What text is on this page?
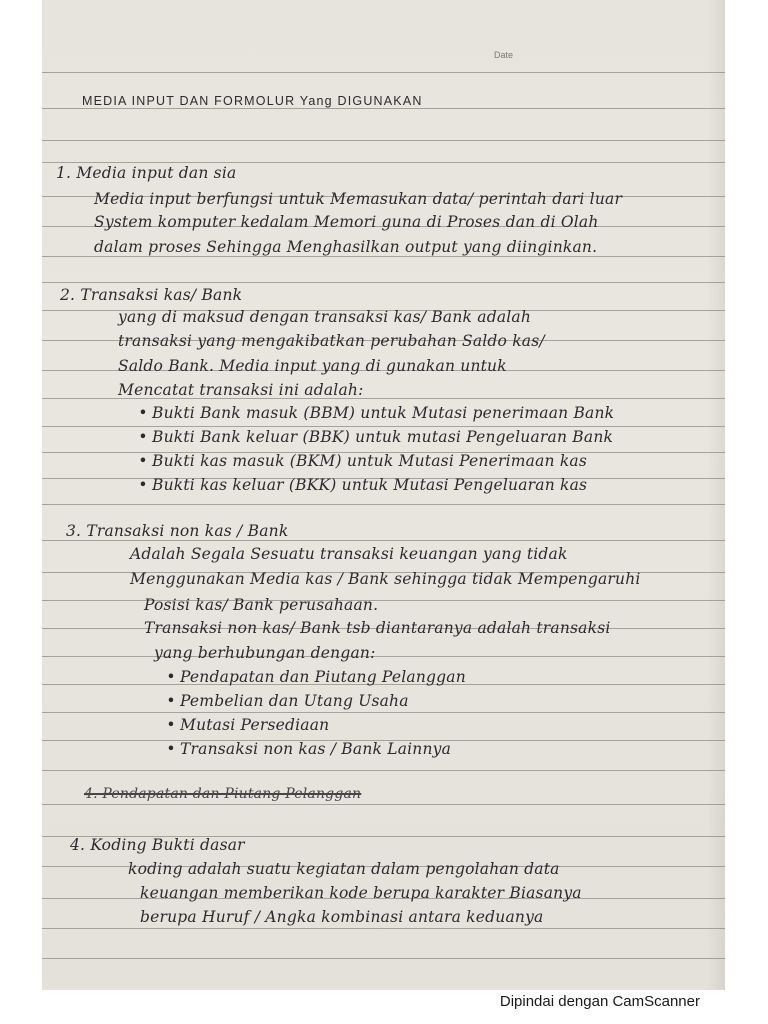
Date
MEDIA INPUT DAN FORMOLUR Yang DIGUNAKAN
1. Media input dan sia
Media input berfungsi untuk Memasukan data/ perintah dari luar
System komputer kedalam Memori guna di Proses dan di Olah
dalam proses Sehingga Menghasilkan output yang diinginkan.
2. Transaksi kas/ Bank
yang di maksud dengan transaksi kas/ Bank adalah
transaksi yang mengakibatkan perubahan Saldo kas/
Saldo Bank. Media input yang di gunakan untuk
Mencatat transaksi ini adalah:
• Bukti Bank masuk (BBM) untuk Mutasi penerimaan Bank
• Bukti Bank keluar (BBK) untuk mutasi Pengeluaran Bank
• Bukti kas masuk (BKM) untuk Mutasi Penerimaan kas
• Bukti kas keluar (BKK) untuk Mutasi Pengeluaran kas
3. Transaksi non kas / Bank
Adalah Segala Sesuatu transaksi keuangan yang tidak
Menggunakan Media kas / Bank sehingga tidak Mempengaruhi
Posisi kas/ Bank perusahaan.
Transaksi non kas/ Bank tsb diantaranya adalah transaksi
yang berhubungan dengan:
• Pendapatan dan Piutang Pelanggan
• Pembelian dan Utang Usaha
• Mutasi Persediaan
• Transaksi non kas / Bank Lainnya
4. Pendapatan dan Piutang Pelanggan
4. Koding Bukti dasar
koding adalah suatu kegiatan dalam pengolahan data
keuangan memberikan kode berupa karakter Biasanya
berupa Huruf / Angka kombinasi antara keduanya
Dipindai dengan CamScanner
